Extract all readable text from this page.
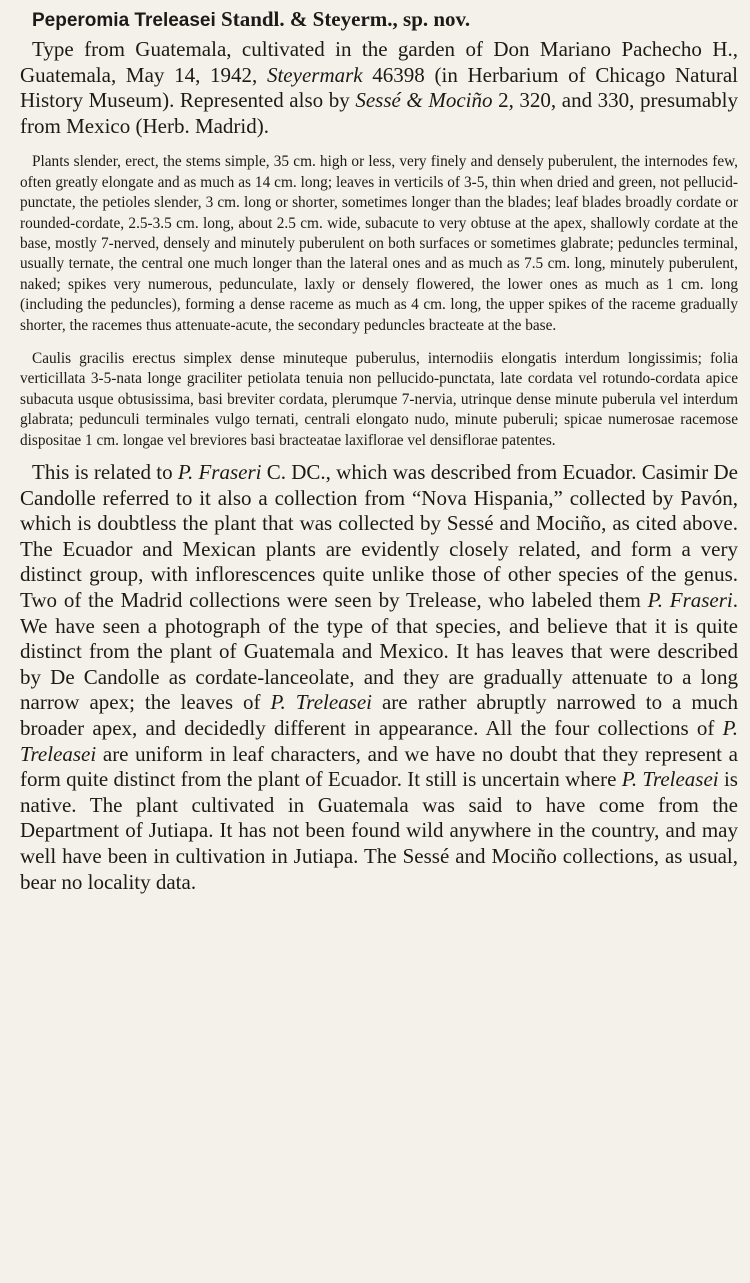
Peperomia Treleasei Standl. & Steyerm., sp. nov.

Type from Guatemala, cultivated in the garden of Don Mariano Pachecho H., Guatemala, May 14, 1942, Steyermark 46398 (in Herbarium of Chicago Natural History Museum). Represented also by Sessé & Mociño 2, 320, and 330, presumably from Mexico (Herb. Madrid).

Plants slender, erect, the stems simple, 35 cm. high or less, very finely and densely puberulent, the internodes few, often greatly elongate and as much as 14 cm. long; leaves in verticils of 3-5, thin when dried and green, not pellucid-punctate, the petioles slender, 3 cm. long or shorter, sometimes longer than the blades; leaf blades broadly cordate or rounded-cordate, 2.5-3.5 cm. long, about 2.5 cm. wide, subacute to very obtuse at the apex, shallowly cordate at the base, mostly 7-nerved, densely and minutely puberulent on both surfaces or sometimes glabrate; peduncles terminal, usually ternate, the central one much longer than the lateral ones and as much as 7.5 cm. long, minutely puberulent, naked; spikes very numerous, pedunculate, laxly or densely flowered, the lower ones as much as 1 cm. long (including the peduncles), forming a dense raceme as much as 4 cm. long, the upper spikes of the raceme gradually shorter, the racemes thus attenuate-acute, the secondary peduncles bracteate at the base.

Caulis gracilis erectus simplex dense minuteque puberulus, internodiis elongatis interdum longissimis; folia verticillata 3-5-nata longe graciliter petiolata tenuia non pellucido-punctata, late cordata vel rotundo-cordata apice subacuta usque obtusissima, basi breviter cordata, plerumque 7-nervia, utrinque dense minute puberula vel interdum glabrata; pedunculi terminales vulgo ternati, centrali elongato nudo, minute puberuli; spicae numerosae racemose dispositae 1 cm. longae vel breviores basi bracteatae laxiflorae vel densiflorae patentes.

This is related to P. Fraseri C. DC., which was described from Ecuador. Casimir De Candolle referred to it also a collection from “Nova Hispania,” collected by Pavón, which is doubtless the plant that was collected by Sessé and Mociño, as cited above. The Ecuador and Mexican plants are evidently closely related, and form a very distinct group, with inflorescences quite unlike those of other species of the genus. Two of the Madrid collections were seen by Trelease, who labeled them P. Fraseri. We have seen a photograph of the type of that species, and believe that it is quite distinct from the plant of Guatemala and Mexico. It has leaves that were described by De Candolle as cordate-lanceolate, and they are gradually attenuate to a long narrow apex; the leaves of P. Treleasei are rather abruptly narrowed to a much broader apex, and decidedly different in appearance. All the four collections of P. Treleasei are uniform in leaf characters, and we have no doubt that they represent a form quite distinct from the plant of Ecuador. It still is uncertain where P. Treleasei is native. The plant cultivated in Guatemala was said to have come from the Department of Jutiapa. It has not been found wild anywhere in the country, and may well have been in cultivation in Jutiapa. The Sessé and Mociño collections, as usual, bear no locality data.
